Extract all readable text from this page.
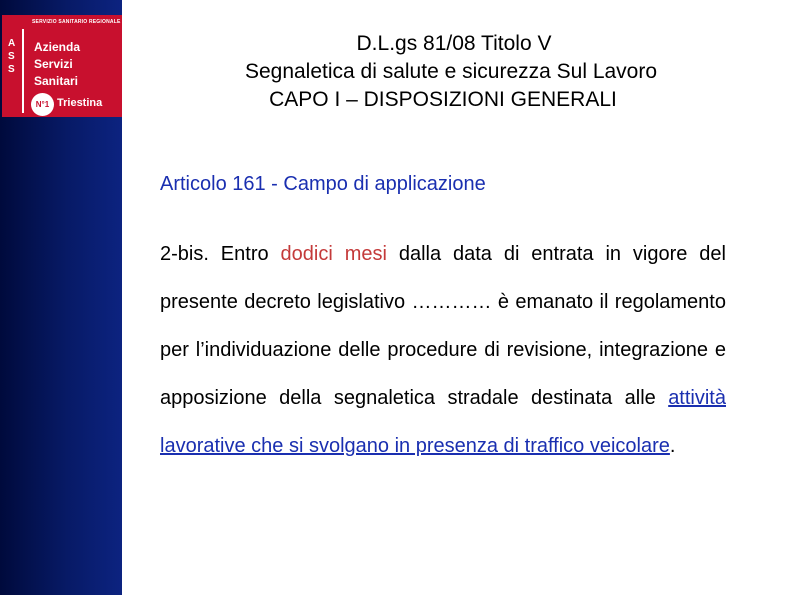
SERVIZIO SANITARIO REGIONALE
A
S
S
Azienda
Servizi
Sanitari
N°1 Triestina
D.L.gs 81/08 Titolo V
Segnaletica di salute e sicurezza Sul Lavoro
CAPO I – DISPOSIZIONI GENERALI
Articolo 161 - Campo di applicazione
2-bis. Entro dodici mesi dalla data di entrata in vigore del presente decreto legislativo ………… è emanato il regolamento per l’individuazione delle procedure di revisione, integrazione e apposizione della segnaletica stradale destinata alle attività lavorative che si svolgano in presenza di traffico veicolare.
